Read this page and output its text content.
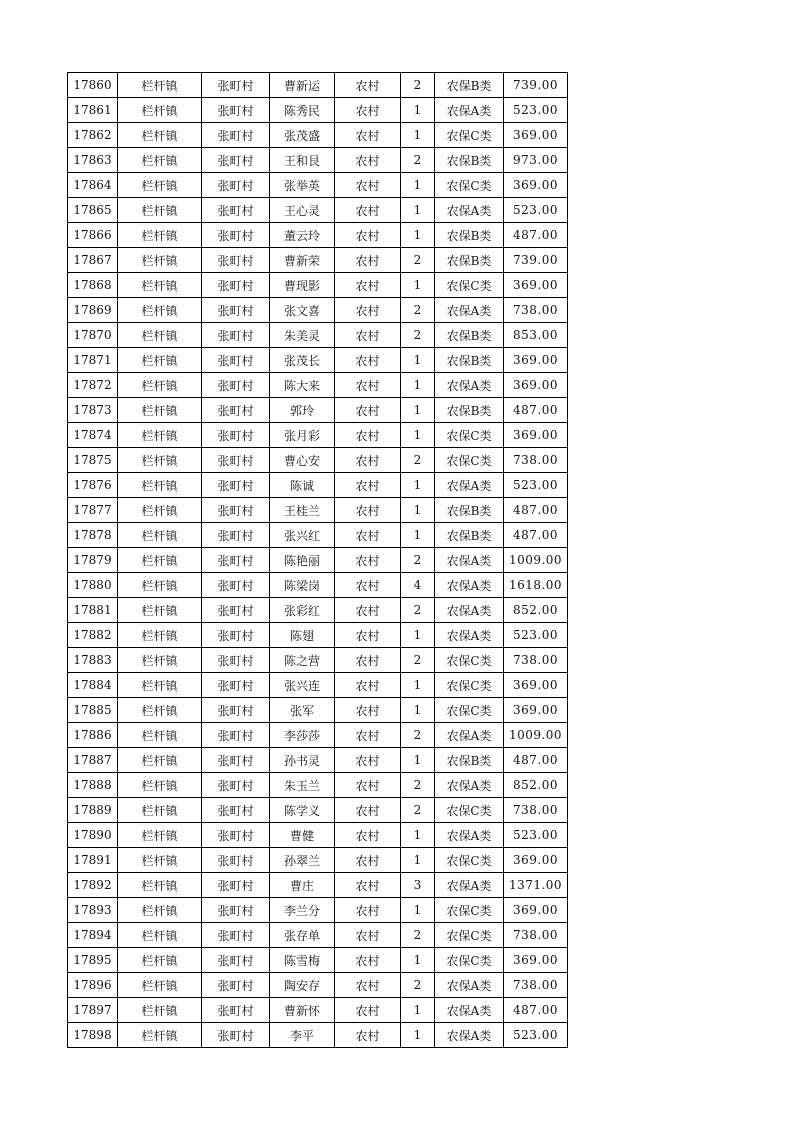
17860	栏杆镇	张町村	曹新运	农村	2	农保B类	739.00
17861	栏杆镇	张町村	陈秀民	农村	1	农保A类	523.00
17862	栏杆镇	张町村	张茂盛	农村	1	农保C类	369.00
17863	栏杆镇	张町村	王和艮	农村	2	农保B类	973.00
17864	栏杆镇	张町村	张举英	农村	1	农保C类	369.00
17865	栏杆镇	张町村	王心灵	农村	1	农保A类	523.00
17866	栏杆镇	张町村	董云玲	农村	1	农保B类	487.00
17867	栏杆镇	张町村	曹新荣	农村	2	农保B类	739.00
17868	栏杆镇	张町村	曹现影	农村	1	农保C类	369.00
17869	栏杆镇	张町村	张文喜	农村	2	农保A类	738.00
17870	栏杆镇	张町村	朱美灵	农村	2	农保B类	853.00
17871	栏杆镇	张町村	张茂长	农村	1	农保B类	369.00
17872	栏杆镇	张町村	陈大来	农村	1	农保A类	369.00
17873	栏杆镇	张町村	郭玲	农村	1	农保B类	487.00
17874	栏杆镇	张町村	张月彩	农村	1	农保C类	369.00
17875	栏杆镇	张町村	曹心安	农村	2	农保C类	738.00
17876	栏杆镇	张町村	陈诚	农村	1	农保A类	523.00
17877	栏杆镇	张町村	王桂兰	农村	1	农保B类	487.00
17878	栏杆镇	张町村	张兴红	农村	1	农保B类	487.00
17879	栏杆镇	张町村	陈艳丽	农村	2	农保A类	1009.00
17880	栏杆镇	张町村	陈梁岗	农村	4	农保A类	1618.00
17881	栏杆镇	张町村	张彩红	农村	2	农保A类	852.00
17882	栏杆镇	张町村	陈翅	农村	1	农保A类	523.00
17883	栏杆镇	张町村	陈之营	农村	2	农保C类	738.00
17884	栏杆镇	张町村	张兴连	农村	1	农保C类	369.00
17885	栏杆镇	张町村	张军	农村	1	农保C类	369.00
17886	栏杆镇	张町村	李莎莎	农村	2	农保A类	1009.00
17887	栏杆镇	张町村	孙书灵	农村	1	农保B类	487.00
17888	栏杆镇	张町村	朱玉兰	农村	2	农保A类	852.00
17889	栏杆镇	张町村	陈学义	农村	2	农保C类	738.00
17890	栏杆镇	张町村	曹健	农村	1	农保A类	523.00
17891	栏杆镇	张町村	孙翠兰	农村	1	农保C类	369.00
17892	栏杆镇	张町村	曹庄	农村	3	农保A类	1371.00
17893	栏杆镇	张町村	李兰分	农村	1	农保C类	369.00
17894	栏杆镇	张町村	张存单	农村	2	农保C类	738.00
17895	栏杆镇	张町村	陈雪梅	农村	1	农保C类	369.00
17896	栏杆镇	张町村	陶安存	农村	2	农保A类	738.00
17897	栏杆镇	张町村	曹新怀	农村	1	农保A类	487.00
17898	栏杆镇	张町村	李平	农村	1	农保A类	523.00
